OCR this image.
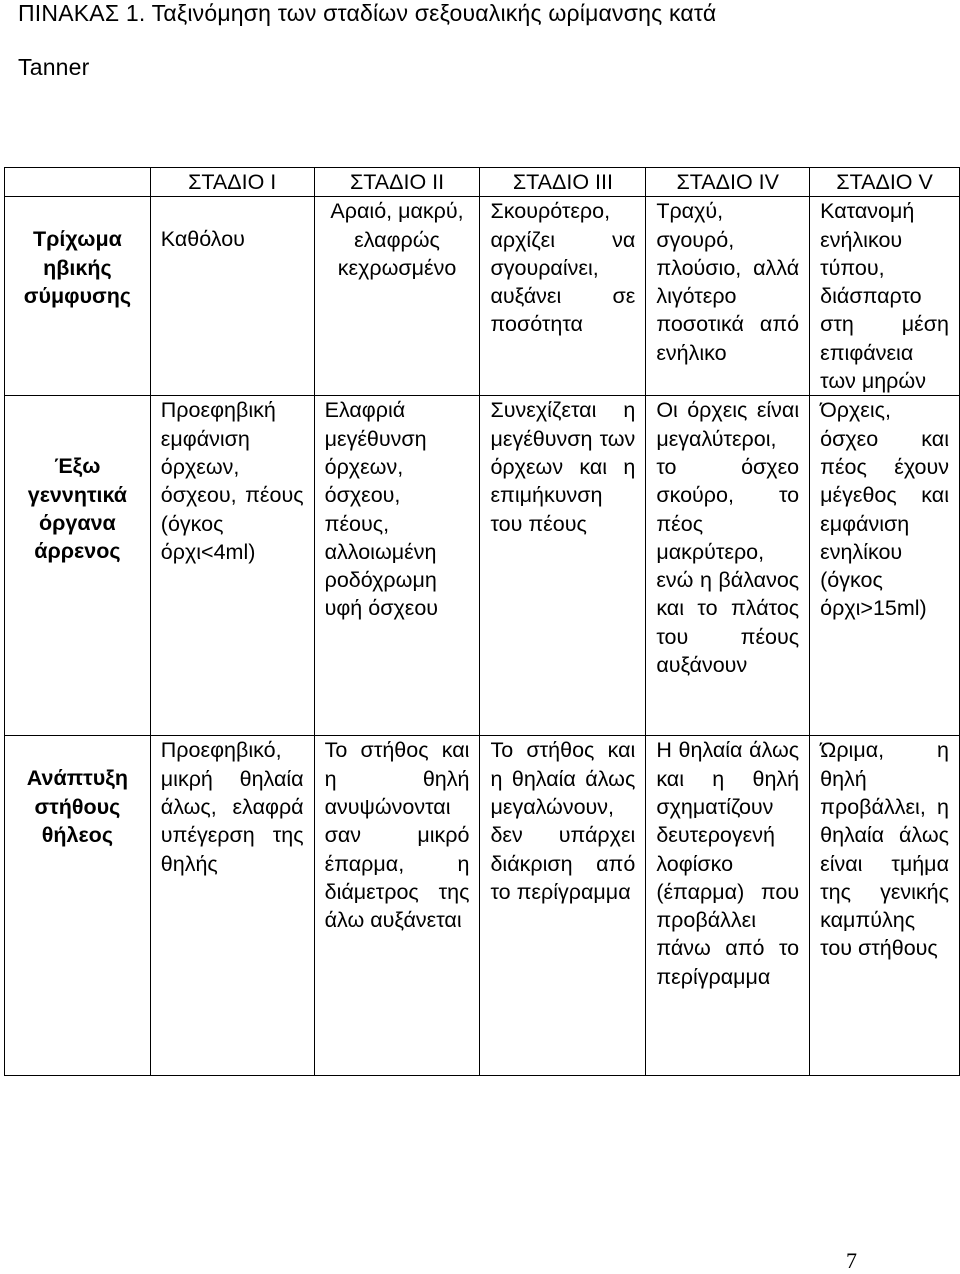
ΠΙΝΑΚΑΣ 1. Ταξινόμηση των σταδίων σεξουαλικής ωρίμανσης κατά
Tanner
	ΣΤΑΔΙΟ Ι	ΣΤΑΔΙΟ ΙΙ	ΣΤΑΔΙΟ ΙΙΙ	ΣΤΑΔΙΟ ΙV	ΣΤΑΔΙΟ V

Τρίχωμα ηβικής σύμφυσης	Καθόλου	Αραιό, μακρύ, ελαφρώς κεχρωσμένο	Σκουρότερο, αρχίζει να σγουραίνει, αυξάνει σε ποσότητα	Τραχύ, σγουρό, πλούσιο, αλλά λιγότερο ποσοτικά από ενήλικο	Κατανομή ενήλικου τύπου, διάσπαρτο στη μέση επιφάνεια των μηρών

Έξω γεννητικά όργανα άρρενος	Προεφηβική εμφάνιση όρχεων, όσχεου, πέους (όγκος όρχι<4ml)	Ελαφριά μεγέθυνση όρχεων, όσχεου, πέους, αλλοιωμένη ροδόχρωμη υφή όσχεου	Συνεχίζεται η μεγέθυνση των όρχεων και η επιμήκυνση του πέους	Οι όρχεις είναι μεγαλύτεροι, το όσχεο σκούρο, το πέος μακρύτερο, ενώ η βάλανος και το πλάτος του πέους αυξάνουν	Όρχεις, όσχεο και πέος έχουν μέγεθος και εμφάνιση ενηλίκου (όγκος όρχι>15ml)

Ανάπτυξη στήθους θήλεος	Προεφηβικό, μικρή θηλαία άλως, ελαφρά υπέγερση της θηλής	Το στήθος και η θηλή ανυψώνονται σαν μικρό έπαρμα, η διάμετρος της άλω αυξάνεται	Το στήθος και η θηλαία άλως μεγαλώνουν, δεν υπάρχει διάκριση από το περίγραμμα	Η θηλαία άλως και η θηλή σχηματίζουν δευτερογενή λοφίσκο (έπαρμα) που προβάλλει πάνω από το περίγραμμα	Ώριμα, η θηλή προβάλλει, η θηλαία άλως είναι τμήμα της γενικής καμπύλης του στήθους
7
